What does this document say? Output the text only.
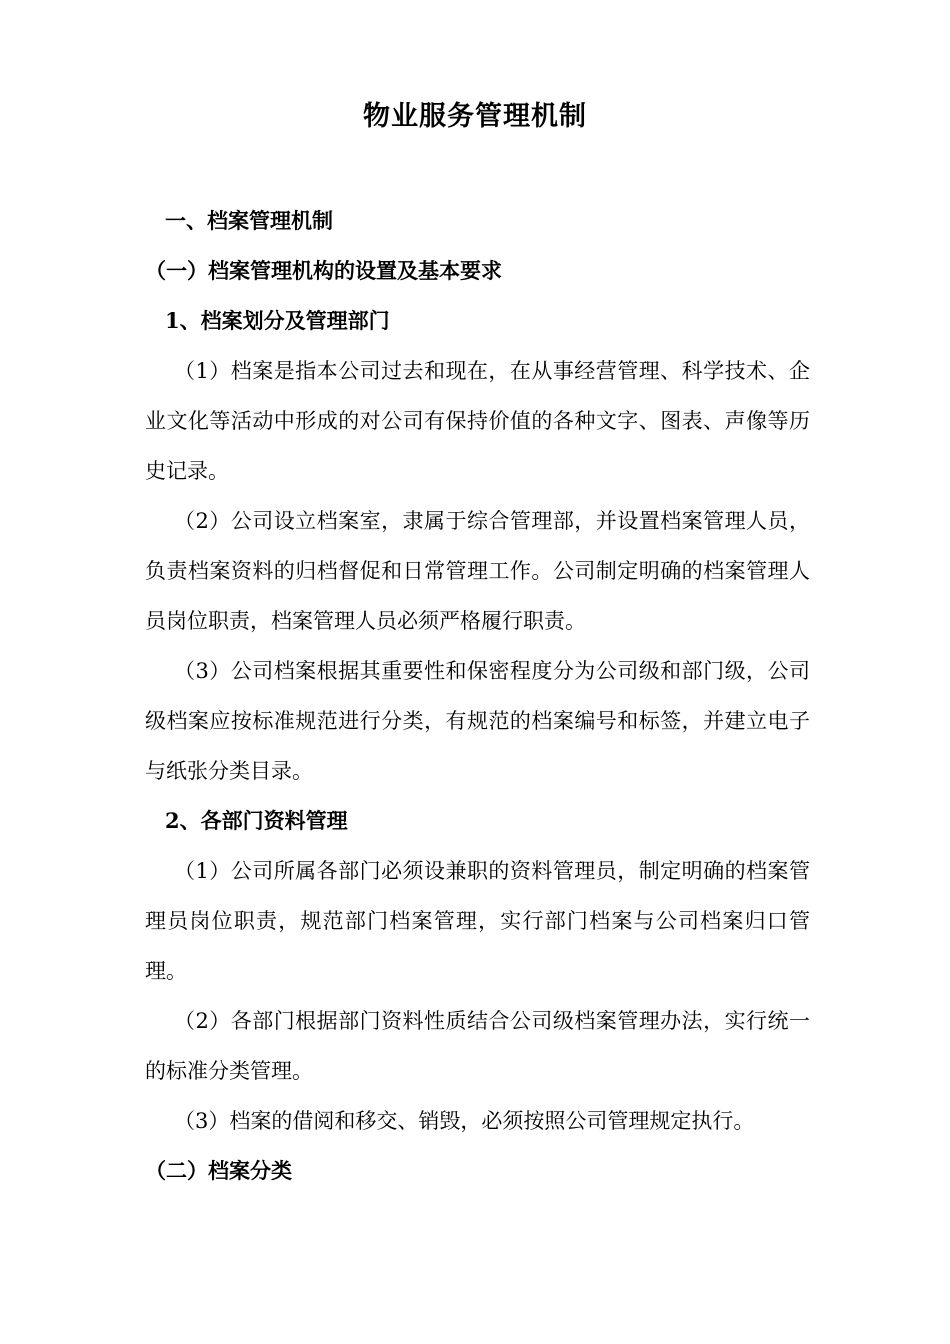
物业服务管理机制
一、档案管理机制
（一）档案管理机构的设置及基本要求
1、档案划分及管理部门

（1）档案是指本公司过去和现在，在从事经营管理、科学技术、企业文化等活动中形成的对公司有保持价值的各种文字、图表、声像等历史记录。

（2）公司设立档案室，隶属于综合管理部，并设置档案管理人员，负责档案资料的归档督促和日常管理工作。公司制定明确的档案管理人员岗位职责，档案管理人员必须严格履行职责。

（3）公司档案根据其重要性和保密程度分为公司级和部门级，公司级档案应按标准规范进行分类，有规范的档案编号和标签，并建立电子与纸张分类目录。

2、各部门资料管理

（1）公司所属各部门必须设兼职的资料管理员，制定明确的档案管理员岗位职责，规范部门档案管理，实行部门档案与公司档案归口管理。

（2）各部门根据部门资料性质结合公司级档案管理办法，实行统一的标准分类管理。

（3）档案的借阅和移交、销毁，必须按照公司管理规定执行。

（二）档案分类
